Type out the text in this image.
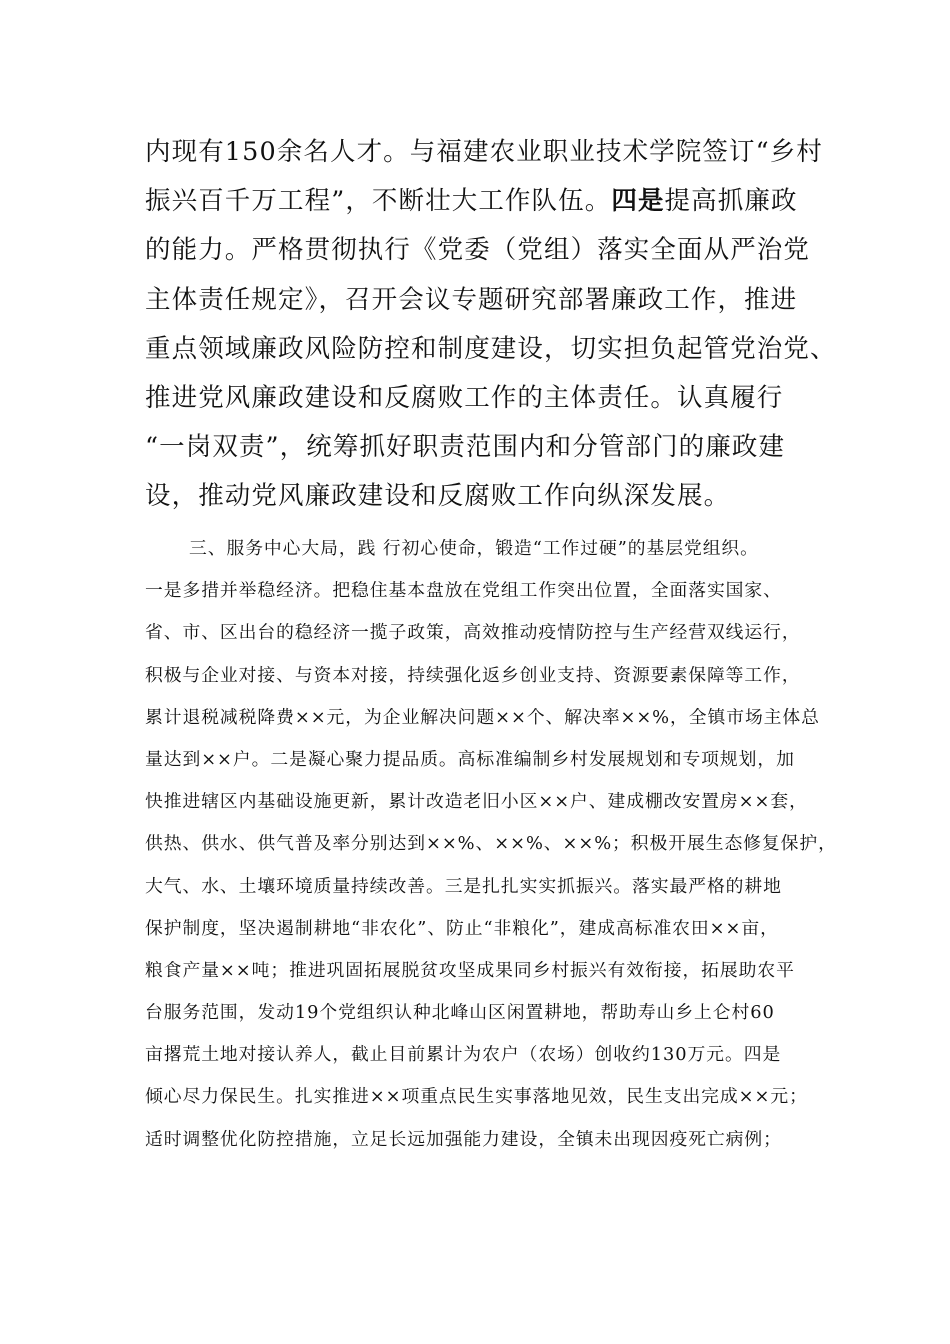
内现有150余名人才。与福建农业职业技术学院签订“乡村
振兴百千万工程”，不断壮大工作队伍。四是提高抓廉政
的能力。严格贯彻执行《党委（党组）落实全面从严治党
主体责任规定》，召开会议专题研究部署廉政工作，推进
重点领域廉政风险防控和制度建设，切实担负起管党治党、
推进党风廉政建设和反腐败工作的主体责任。认真履行
“一岗双责”，统筹抓好职责范围内和分管部门的廉政建
设，推动党风廉政建设和反腐败工作向纵深发展。
三、服务中心大局，践 行初心使命，锻造“工作过硬”的基层党组织。
一是多措并举稳经济。把稳住基本盘放在党组工作突出位置，全面落实国家、
省、市、区出台的稳经济一揽子政策，高效推动疫情防控与生产经营双线运行，
积极与企业对接、与资本对接，持续强化返乡创业支持、资源要素保障等工作，
累计退税减税降费××元，为企业解决问题××个、解决率××%，全镇市场主体总
量达到××户。二是凝心聚力提品质。高标准编制乡村发展规划和专项规划，加
快推进辖区内基础设施更新，累计改造老旧小区××户、建成棚改安置房××套，
供热、供水、供气普及率分别达到××%、××%、××%；积极开展生态修复保护，
大气、水、土壤环境质量持续改善。三是扎扎实实抓振兴。落实最严格的耕地
保护制度，坚决遏制耕地“非农化”、防止“非粮化”，建成高标准农田××亩，
粮食产量××吨；推进巩固拓展脱贫攻坚成果同乡村振兴有效衔接，拓展助农平
台服务范围，发动19个党组织认种北峰山区闲置耕地，帮助寿山乡上仑村60
亩撂荒土地对接认养人，截止目前累计为农户（农场）创收约130万元。四是
倾心尽力保民生。扎实推进××项重点民生实事落地见效，民生支出完成××元；
适时调整优化防控措施，立足长远加强能力建设，全镇未出现因疫死亡病例；
